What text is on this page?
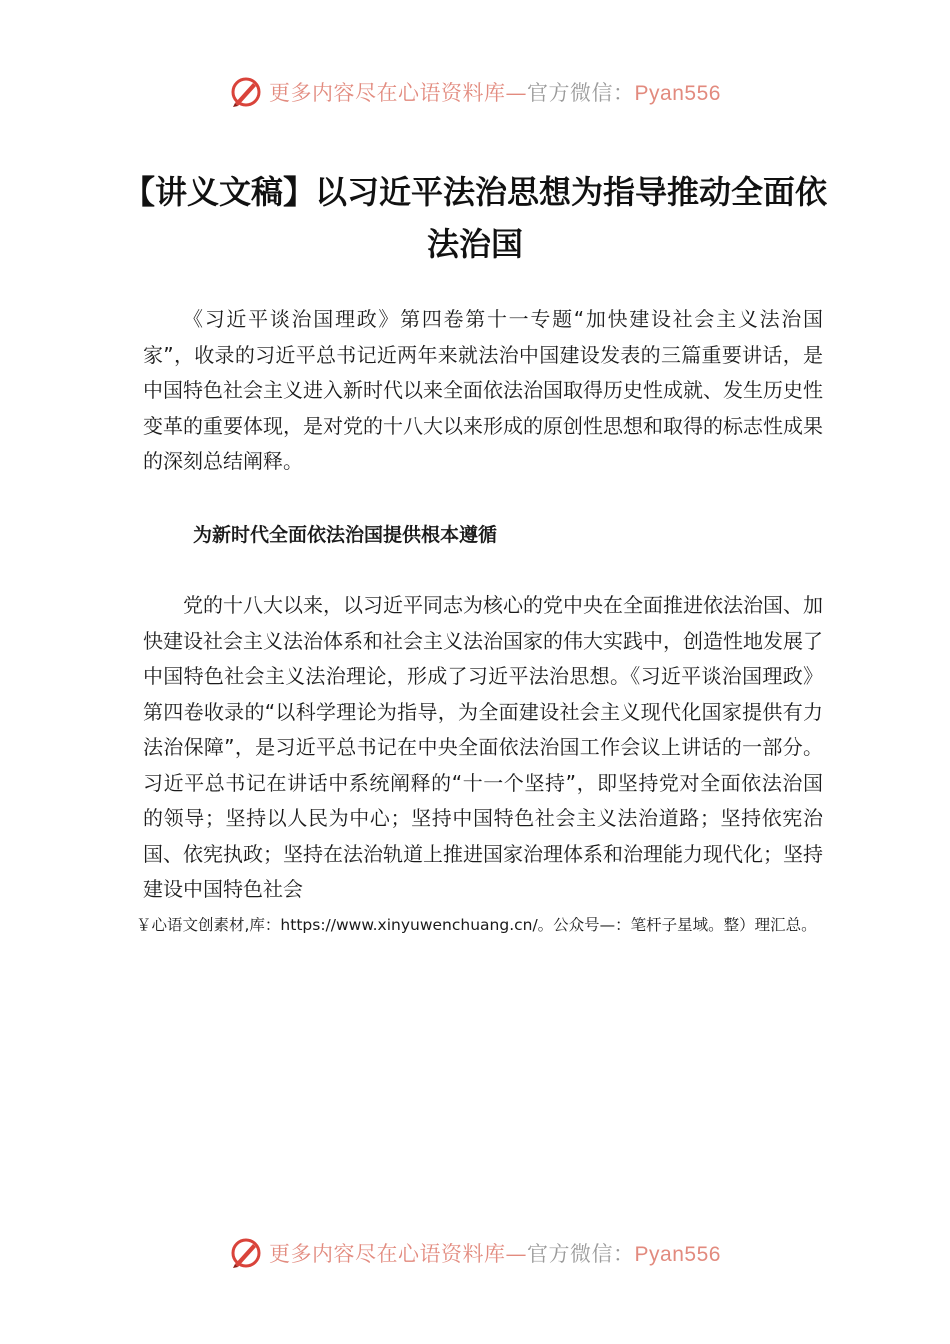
更多内容尽在心语资料库—官方微信：Pyan556
【讲义文稿】以习近平法治思想为指导推动全面依法治国
《习近平谈治国理政》第四卷第十一专题“加快建设社会主义法治国家”，收录的习近平总书记近两年来就法治中国建设发表的三篇重要讲话，是中国特色社会主义进入新时代以来全面依法治国取得历史性成就、发生历史性变革的重要体现，是对党的十八大以来形成的原创性思想和取得的标志性成果的深刻总结阐释。
为新时代全面依法治国提供根本遵循
党的十八大以来，以习近平同志为核心的党中央在全面推进依法治国、加快建设社会主义法治体系和社会主义法治国家的伟大实践中，创造性地发展了中国特色社会主义法治理论，形成了习近平法治思想。《习近平谈治国理政》第四卷收录的“以科学理论为指导，为全面建设社会主义现代化国家提供有力法治保障”，是习近平总书记在中央全面依法治国工作会议上讲话的一部分。习近平总书记在讲话中系统阐释的“十一个坚持”，即坚持党对全面依法治国的领导；坚持以人民为中心；坚持中国特色社会主义法治道路；坚持依宪治国、依宪执政；坚持在法治轨道上推进国家治理体系和治理能力现代化；坚持建设中国特色社会
￥心语文创素材,库：https://www.xinyuwenchuang.cn/。公众号—：笔杆子星域。整）理汇总。
更多内容尽在心语资料库—官方微信：Pyan556
